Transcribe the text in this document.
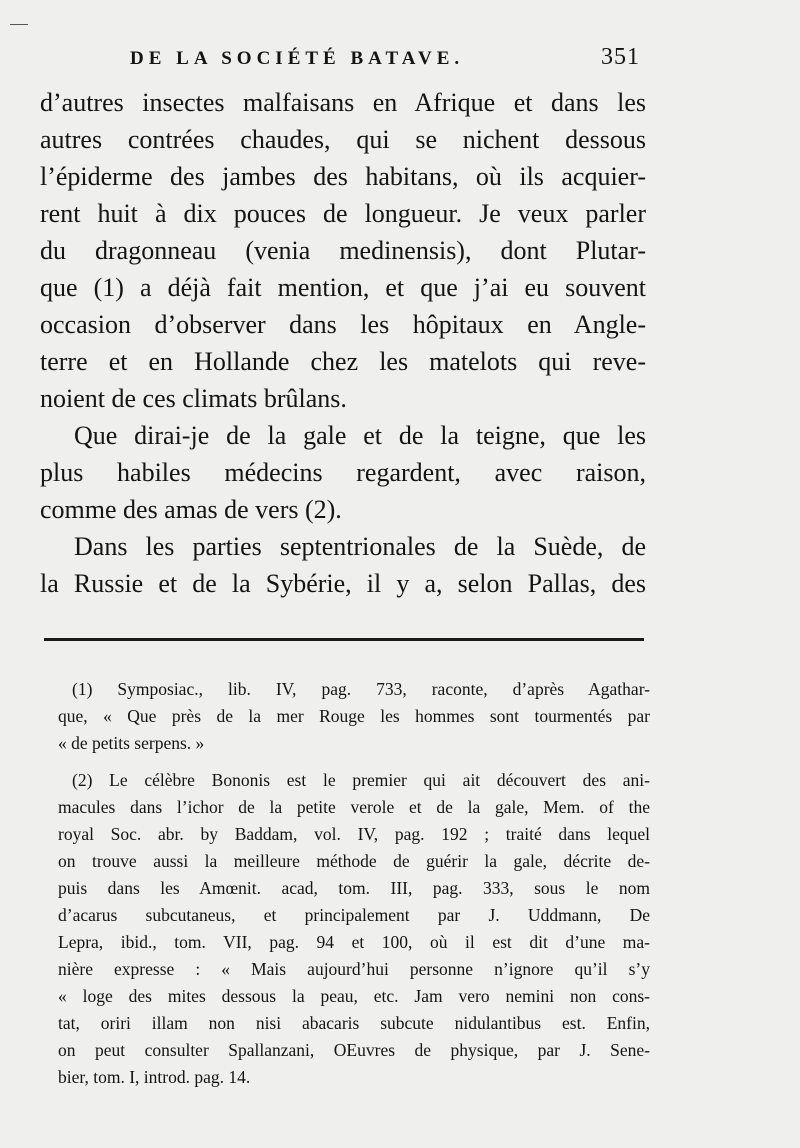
DE LA SOCIÉTÉ BATAVE.	351
d’autres insectes malfaisans en Afrique et dans les
autres contrées chaudes, qui se nichent dessous
l’épiderme des jambes des habitans, où ils acquier-
rent huit à dix pouces de longueur. Je veux parler
du dragonneau (venia medinensis), dont Plutar-
que (1) a déjà fait mention, et que j’ai eu souvent
occasion d’observer dans les hôpitaux en Angle-
terre et en Hollande chez les matelots qui reve-
noient de ces climats brûlans.
Que dirai-je de la gale et de la teigne, que les
plus habiles médecins regardent, avec raison,
comme des amas de vers (2).
Dans les parties septentrionales de la Suède, de
la Russie et de la Sybérie, il y a, selon Pallas, des
(1) Symposiac., lib. IV, pag. 733, raconte, d’après Agathar-
que, « Que près de la mer Rouge les hommes sont tourmentés par
« de petits serpens. »
(2) Le célèbre Bononis est le premier qui ait découvert des ani-
macules dans l’ichor de la petite verole et de la gale, Mem. of the
royal Soc. abr. by Baddam, vol. IV, pag. 192 ; traité dans lequel
on trouve aussi la meilleure méthode de guérir la gale, décrite de-
puis dans les Amœnit. acad, tom. III, pag. 333, sous le nom
d’acarus subcutaneus, et principalement par J. Uddmann, De
Lepra, ibid., tom. VII, pag. 94 et 100, où il est dit d’une ma-
nière expresse : « Mais aujourd’hui personne n’ignore qu’il s’y
« loge des mites dessous la peau, etc. Jam vero nemini non cons-
tat, oriri illam non nisi abacaris subcute nidulantibus est. Enfin,
on peut consulter Spallanzani, OEuvres de physique, par J. Sene-
bier, tom. I, introd. pag. 14.
